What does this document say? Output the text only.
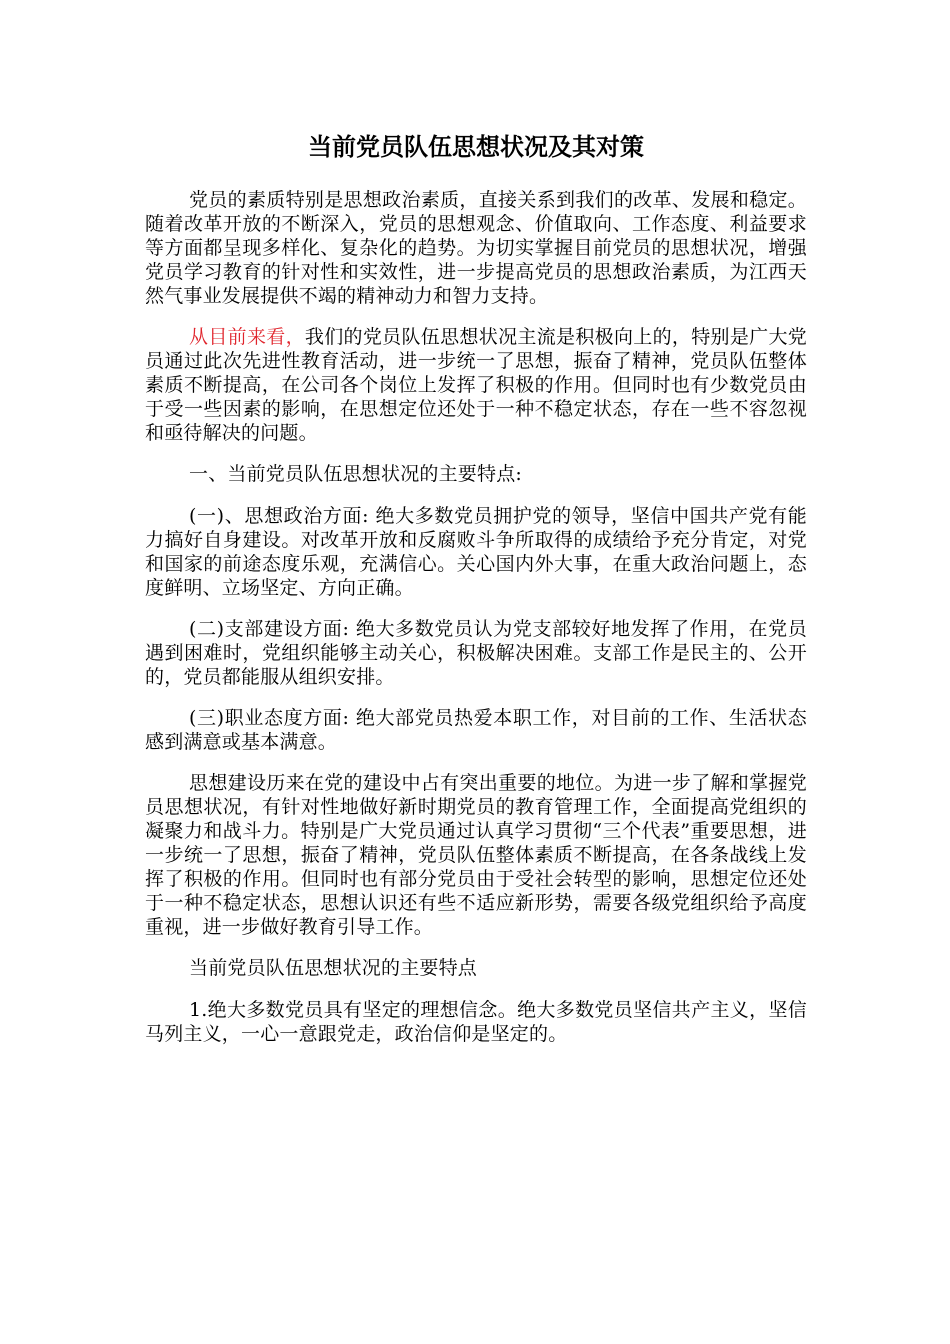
当前党员队伍思想状况及其对策

党员的素质特别是思想政治素质，直接关系到我们的改革、发展和稳定。随着改革开放的不断深入，党员的思想观念、价值取向、工作态度、利益要求等方面都呈现多样化、复杂化的趋势。为切实掌握目前党员的思想状况，增强党员学习教育的针对性和实效性，进一步提高党员的思想政治素质，为江西天然气事业发展提供不竭的精神动力和智力支持。

从目前来看，我们的党员队伍思想状况主流是积极向上的，特别是广大党员通过此次先进性教育活动，进一步统一了思想，振奋了精神，党员队伍整体素质不断提高，在公司各个岗位上发挥了积极的作用。但同时也有少数党员由于受一些因素的影响，在思想定位还处于一种不稳定状态，存在一些不容忽视和亟待解决的问题。

一、当前党员队伍思想状况的主要特点:

(一)、思想政治方面: 绝大多数党员拥护党的领导，坚信中国共产党有能力搞好自身建设。对改革开放和反腐败斗争所取得的成绩给予充分肯定，对党和国家的前途态度乐观，充满信心。关心国内外大事，在重大政治问题上，态度鲜明、立场坚定、方向正确。

(二)支部建设方面: 绝大多数党员认为党支部较好地发挥了作用，在党员遇到困难时，党组织能够主动关心，积极解决困难。支部工作是民主的、公开的，党员都能服从组织安排。

(三)职业态度方面: 绝大部党员热爱本职工作，对目前的工作、生活状态感到满意或基本满意。

思想建设历来在党的建设中占有突出重要的地位。为进一步了解和掌握党员思想状况，有针对性地做好新时期党员的教育管理工作，全面提高党组织的凝聚力和战斗力。特别是广大党员通过认真学习贯彻“三个代表”重要思想，进一步统一了思想，振奋了精神，党员队伍整体素质不断提高，在各条战线上发挥了积极的作用。但同时也有部分党员由于受社会转型的影响，思想定位还处于一种不稳定状态，思想认识还有些不适应新形势，需要各级党组织给予高度重视，进一步做好教育引导工作。

当前党员队伍思想状况的主要特点

1.绝大多数党员具有坚定的理想信念。绝大多数党员坚信共产主义，坚信马列主义，一心一意跟党走，政治信仰是坚定的。
